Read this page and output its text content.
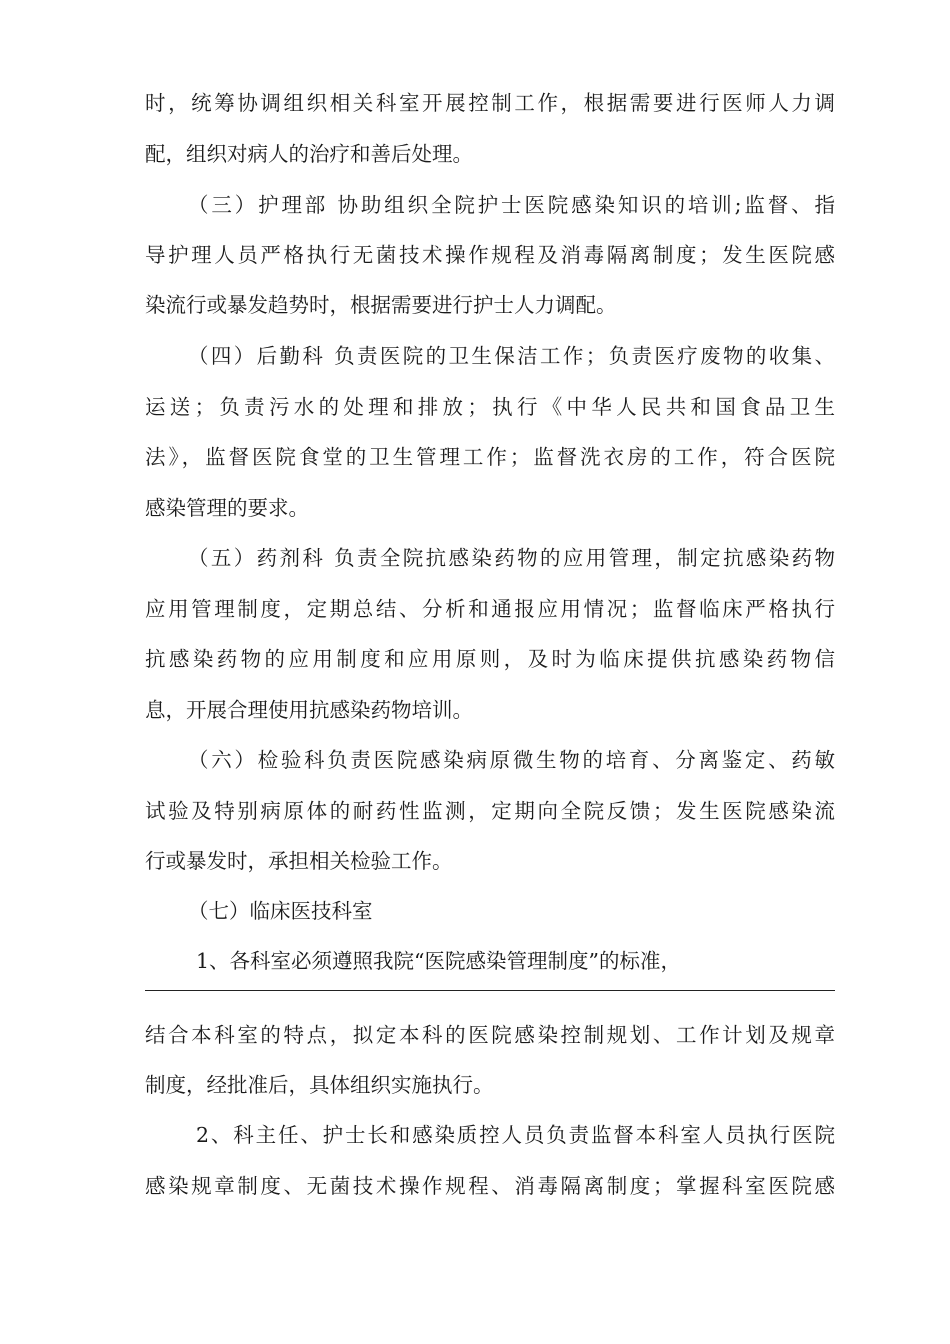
时，统筹协调组织相关科室开展控制工作，根据需要进行医师人力调
配，组织对病人的治疗和善后处理。
（三）护理部 协助组织全院护士医院感染知识的培训;监督、指
导护理人员严格执行无菌技术操作规程及消毒隔离制度；发生医院感
染流行或暴发趋势时，根据需要进行护士人力调配。
（四）后勤科 负责医院的卫生保洁工作；负责医疗废物的收集、
运送；负责污水的处理和排放；执行《中华人民共和国食品卫生
法》，监督医院食堂的卫生管理工作；监督洗衣房的工作，符合医院
感染管理的要求。
（五）药剂科 负责全院抗感染药物的应用管理，制定抗感染药物
应用管理制度，定期总结、分析和通报应用情况；监督临床严格执行
抗感染药物的应用制度和应用原则，及时为临床提供抗感染药物信
息，开展合理使用抗感染药物培训。
（六）检验科负责医院感染病原微生物的培育、分离鉴定、药敏
试验及特别病原体的耐药性监测，定期向全院反馈；发生医院感染流
行或暴发时，承担相关检验工作。
（七）临床医技科室
1、各科室必须遵照我院“医院感染管理制度”的标准，
结合本科室的特点，拟定本科的医院感染控制规划、工作计划及规章
制度，经批准后，具体组织实施执行。
2、科主任、护士长和感染质控人员负责监督本科室人员执行医院
感染规章制度、无菌技术操作规程、消毒隔离制度；掌握科室医院感
